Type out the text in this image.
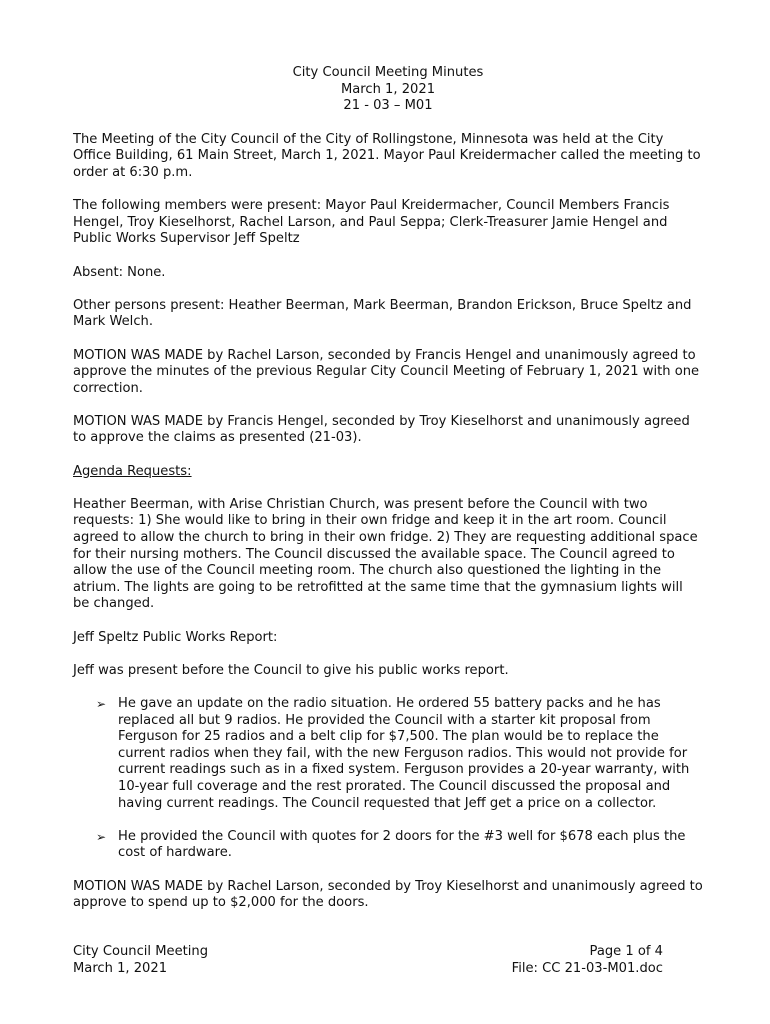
City Council Meeting Minutes
March 1, 2021
21 - 03 – M01

The Meeting of the City Council of the City of Rollingstone, Minnesota was held at the City Office Building, 61 Main Street, March 1, 2021. Mayor Paul Kreidermacher called the meeting to order at 6:30 p.m.

The following members were present: Mayor Paul Kreidermacher, Council Members Francis Hengel, Troy Kieselhorst, Rachel Larson, and Paul Seppa; Clerk-Treasurer Jamie Hengel and Public Works Supervisor Jeff Speltz

Absent: None.

Other persons present: Heather Beerman, Mark Beerman, Brandon Erickson, Bruce Speltz and Mark Welch.

MOTION WAS MADE by Rachel Larson, seconded by Francis Hengel and unanimously agreed to approve the minutes of the previous Regular City Council Meeting of February 1, 2021 with one correction.

MOTION WAS MADE by Francis Hengel, seconded by Troy Kieselhorst and unanimously agreed to approve the claims as presented (21-03).

Agenda Requests:

Heather Beerman, with Arise Christian Church, was present before the Council with two requests: 1) She would like to bring in their own fridge and keep it in the art room. Council agreed to allow the church to bring in their own fridge. 2) They are requesting additional space for their nursing mothers. The Council discussed the available space. The Council agreed to allow the use of the Council meeting room. The church also questioned the lighting in the atrium. The lights are going to be retrofitted at the same time that the gymnasium lights will be changed.

Jeff Speltz Public Works Report:

Jeff was present before the Council to give his public works report.

➢ He gave an update on the radio situation. He ordered 55 battery packs and he has replaced all but 9 radios. He provided the Council with a starter kit proposal from Ferguson for 25 radios and a belt clip for $7,500. The plan would be to replace the current radios when they fail, with the new Ferguson radios. This would not provide for current readings such as in a fixed system. Ferguson provides a 20-year warranty, with 10-year full coverage and the rest prorated. The Council discussed the proposal and having current readings. The Council requested that Jeff get a price on a collector.
➢ He provided the Council with quotes for 2 doors for the #3 well for $678 each plus the cost of hardware.

MOTION WAS MADE by Rachel Larson, seconded by Troy Kieselhorst and unanimously agreed to approve to spend up to $2,000 for the doors.

City Council Meeting	Page 1 of 4
March 1, 2021	File: CC 21-03-M01.doc
